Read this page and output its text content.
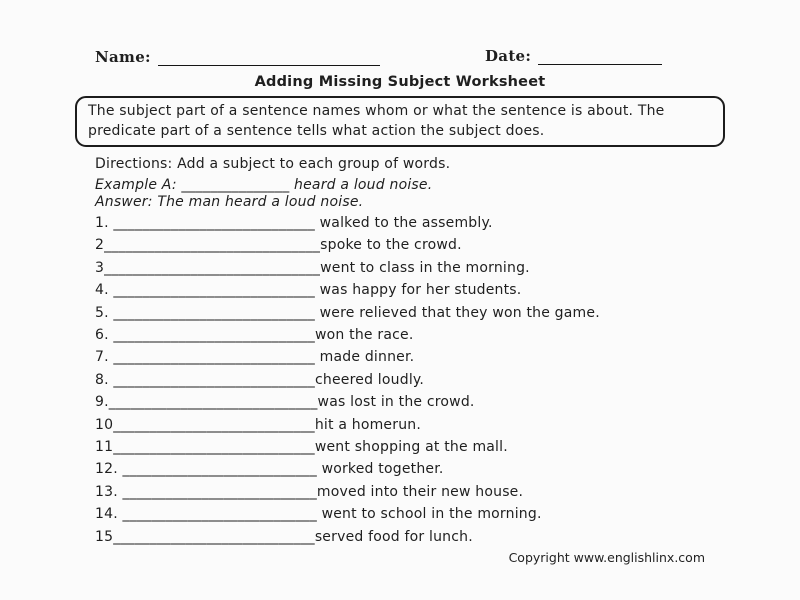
Name:	Date:
Adding Missing Subject Worksheet

The subject part of a sentence names whom or what the sentence is about. The predicate part of a sentence tells what action the subject does.

Directions: Add a subject to each group of words.
Example A: _______________ heard a loud noise.
Answer: The man heard a loud noise.
1. ____________________________ walked to the assembly.
2______________________________spoke to the crowd.
3______________________________went to class in the morning.
4. ____________________________ was happy for her students.
5. ____________________________ were relieved that they won the game.
6. ____________________________won the race.
7. ____________________________ made dinner.
8. ____________________________cheered loudly.
9._____________________________was lost in the crowd.
10____________________________hit a homerun.
11____________________________went shopping at the mall.
12. ___________________________ worked together.
13. ___________________________moved into their new house.
14. ___________________________ went to school in the morning.
15____________________________served food for lunch.
Copyright www.englishlinx.com
